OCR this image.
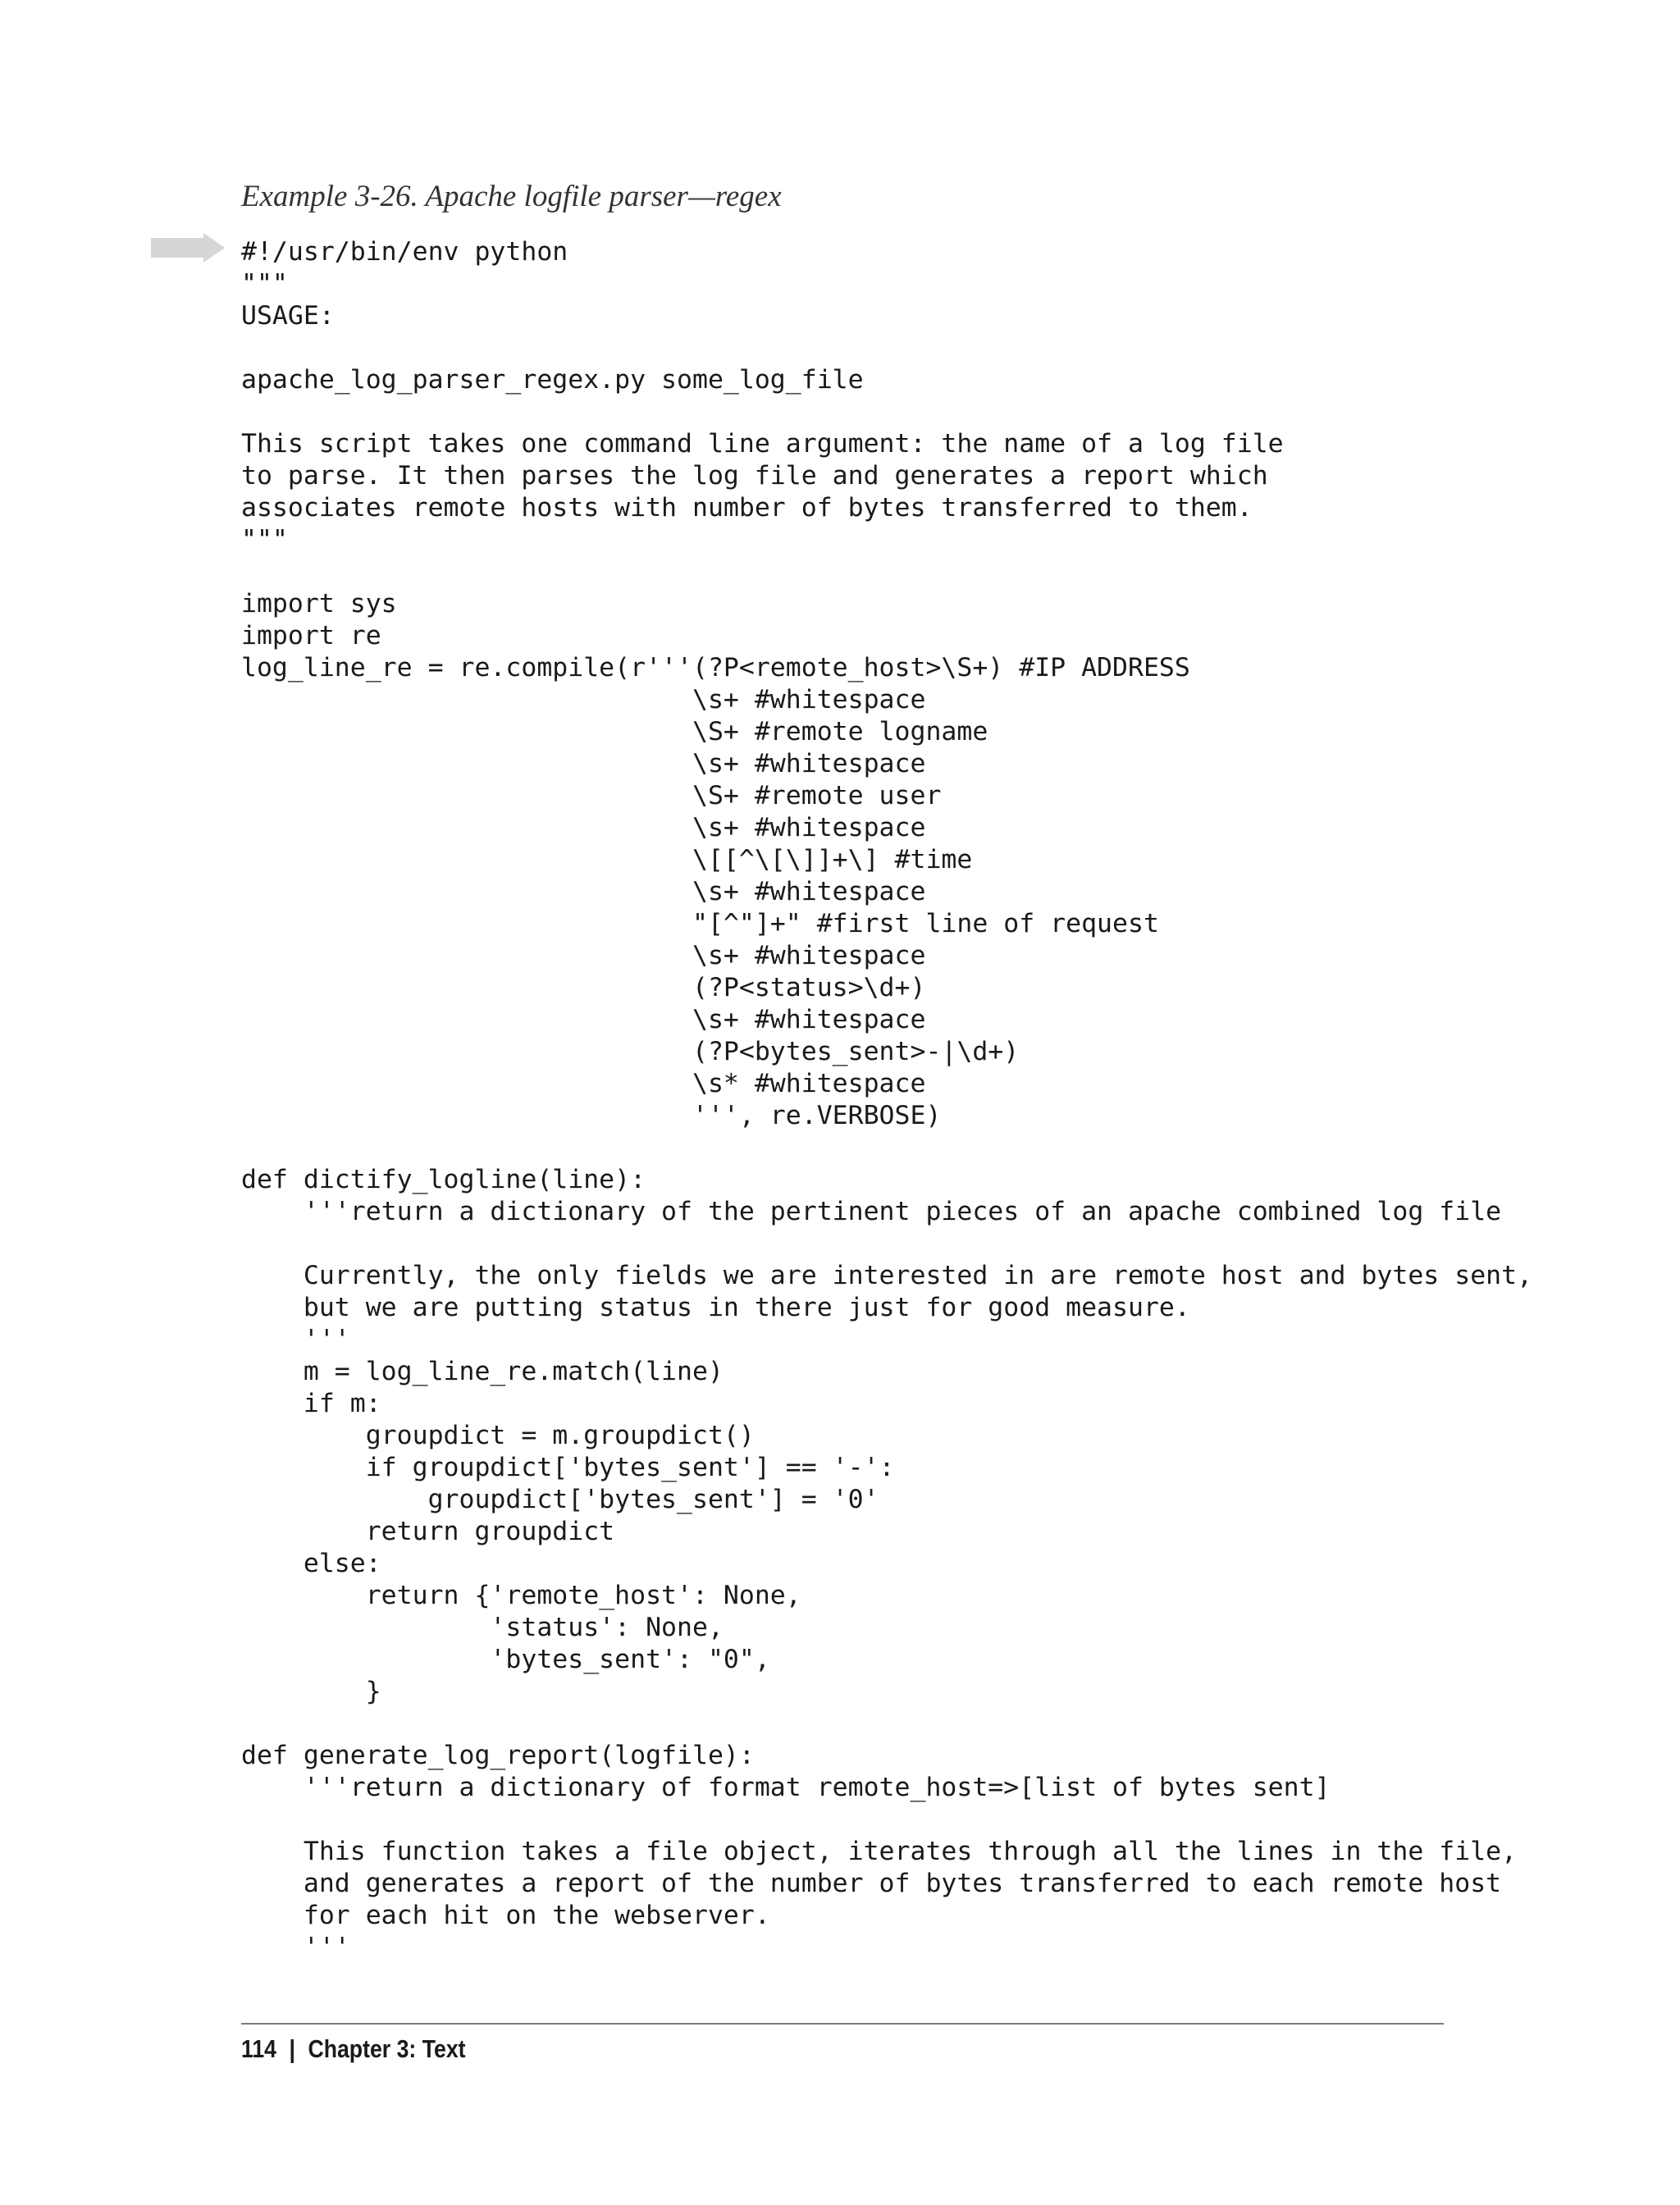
Example 3-26. Apache logfile parser—regex
#!/usr/bin/env python
"""
USAGE:

apache_log_parser_regex.py some_log_file

This script takes one command line argument: the name of a log file
to parse. It then parses the log file and generates a report which
associates remote hosts with number of bytes transferred to them.
"""

import sys
import re
log_line_re = re.compile(r'''(?P<remote_host>\S+) #IP ADDRESS
\s+ #whitespace
\S+ #remote logname
\s+ #whitespace
\S+ #remote user
\s+ #whitespace
\[[^\[\]]+\] #time
\s+ #whitespace
"[^"]+" #first line of request
\s+ #whitespace
(?P<status>\d+)
\s+ #whitespace
(?P<bytes_sent>-|\d+)
\s* #whitespace
''', re.VERBOSE)

def dictify_logline(line):
'''return a dictionary of the pertinent pieces of an apache combined log file

Currently, the only fields we are interested in are remote host and bytes sent,
but we are putting status in there just for good measure.
'''
m = log_line_re.match(line)
if m:
groupdict = m.groupdict()
if groupdict['bytes_sent'] == '-':
groupdict['bytes_sent'] = '0'
return groupdict
else:
return {'remote_host': None,
'status': None,
'bytes_sent': "0",
}

def generate_log_report(logfile):
'''return a dictionary of format remote_host=>[list of bytes sent]

This function takes a file object, iterates through all the lines in the file,
and generates a report of the number of bytes transferred to each remote host
for each hit on the webserver.
'''
114 | Chapter 3: Text
